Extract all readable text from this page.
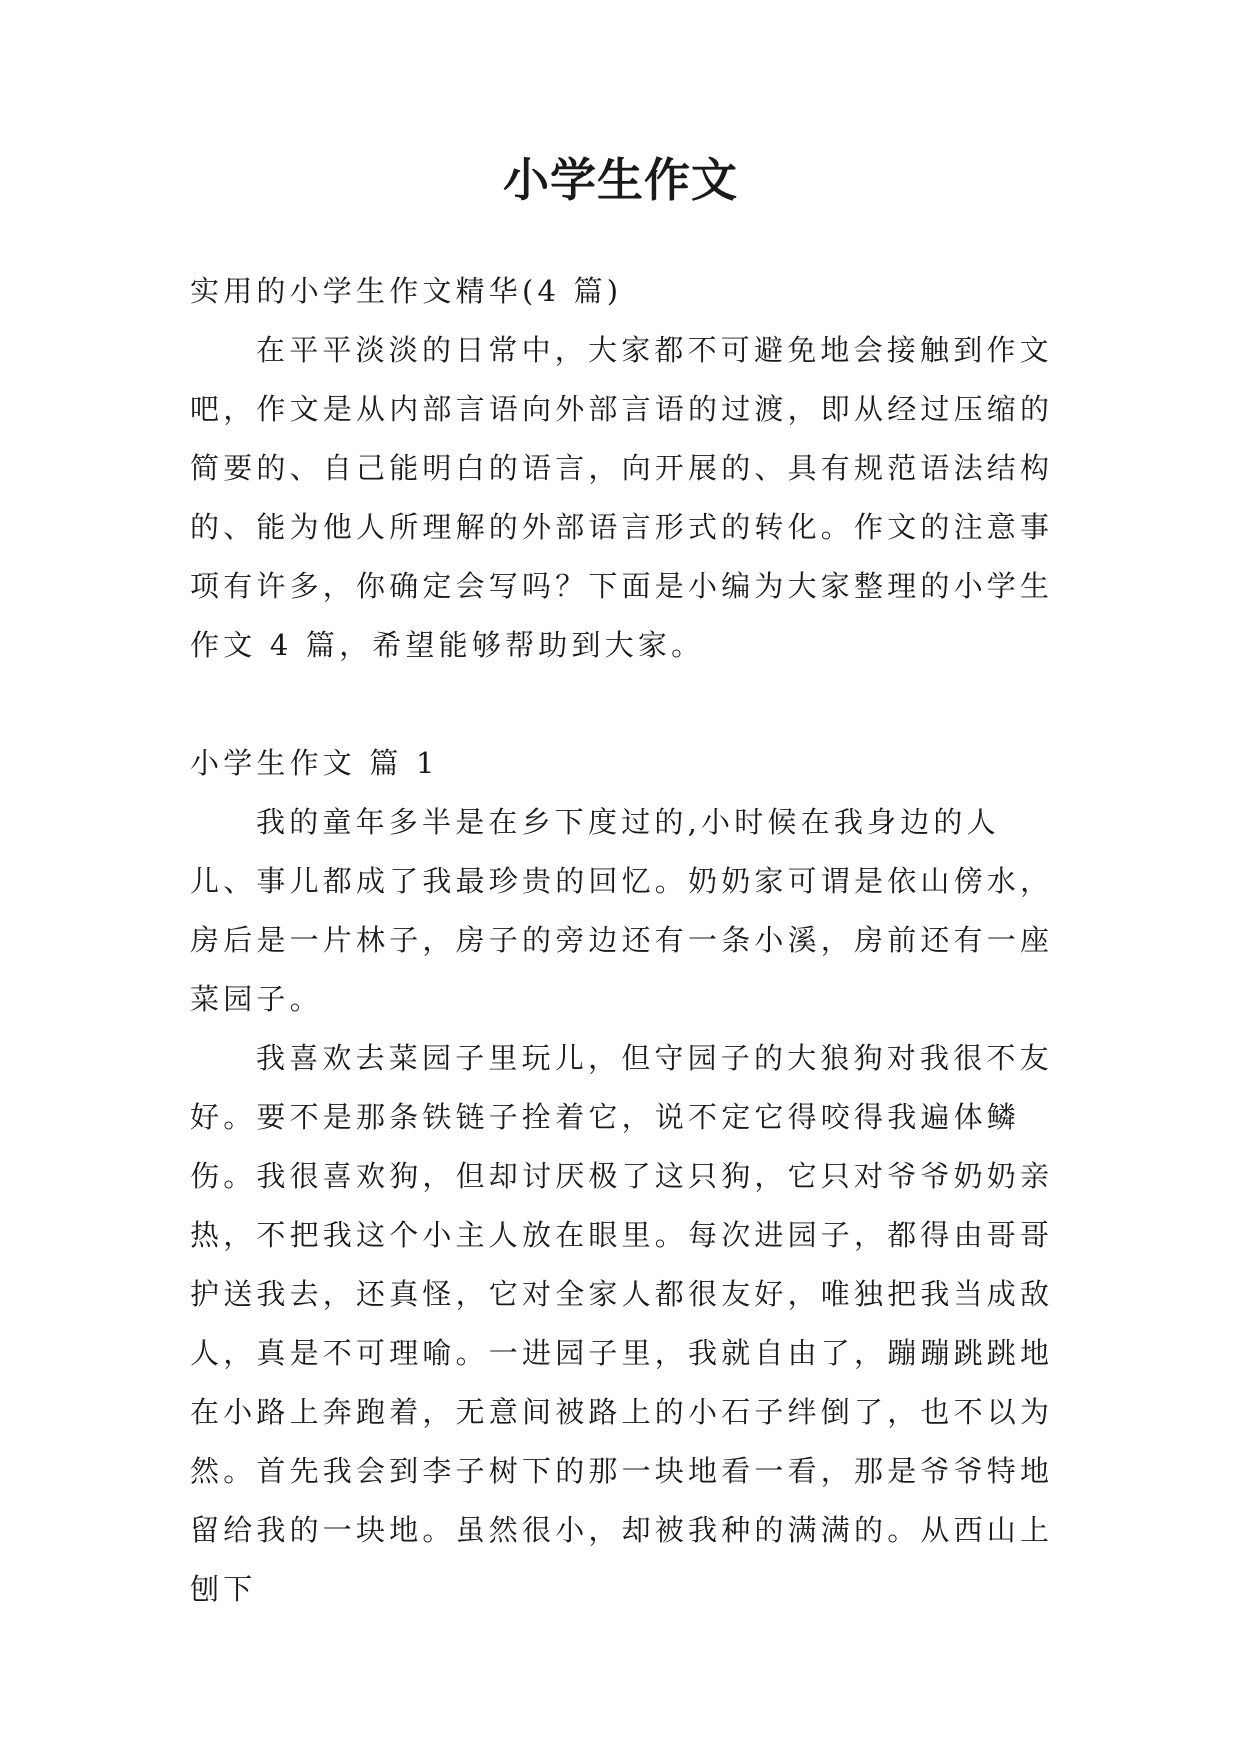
小学生作文

实用的小学生作文精华(4 篇)

在平平淡淡的日常中，大家都不可避免地会接触到作文吧，作文是从内部言语向外部言语的过渡，即从经过压缩的简要的、自己能明白的语言，向开展的、具有规范语法结构的、能为他人所理解的外部语言形式的转化。作文的注意事项有许多，你确定会写吗？下面是小编为大家整理的小学生作文 4 篇，希望能够帮助到大家。

小学生作文 篇 1

我的童年多半是在乡下度过的,小时候在我身边的人儿、事儿都成了我最珍贵的回忆。奶奶家可谓是依山傍水，房后是一片林子，房子的旁边还有一条小溪，房前还有一座菜园子。

我喜欢去菜园子里玩儿，但守园子的大狼狗对我很不友好。要不是那条铁链子拴着它，说不定它得咬得我遍体鳞伤。我很喜欢狗，但却讨厌极了这只狗，它只对爷爷奶奶亲热，不把我这个小主人放在眼里。每次进园子，都得由哥哥护送我去，还真怪，它对全家人都很友好，唯独把我当成敌人，真是不可理喻。一进园子里，我就自由了，蹦蹦跳跳地在小路上奔跑着，无意间被路上的小石子绊倒了，也不以为然。首先我会到李子树下的那一块地看一看，那是爷爷特地留给我的一块地。虽然很小，却被我种的满满的。从西山上刨下
